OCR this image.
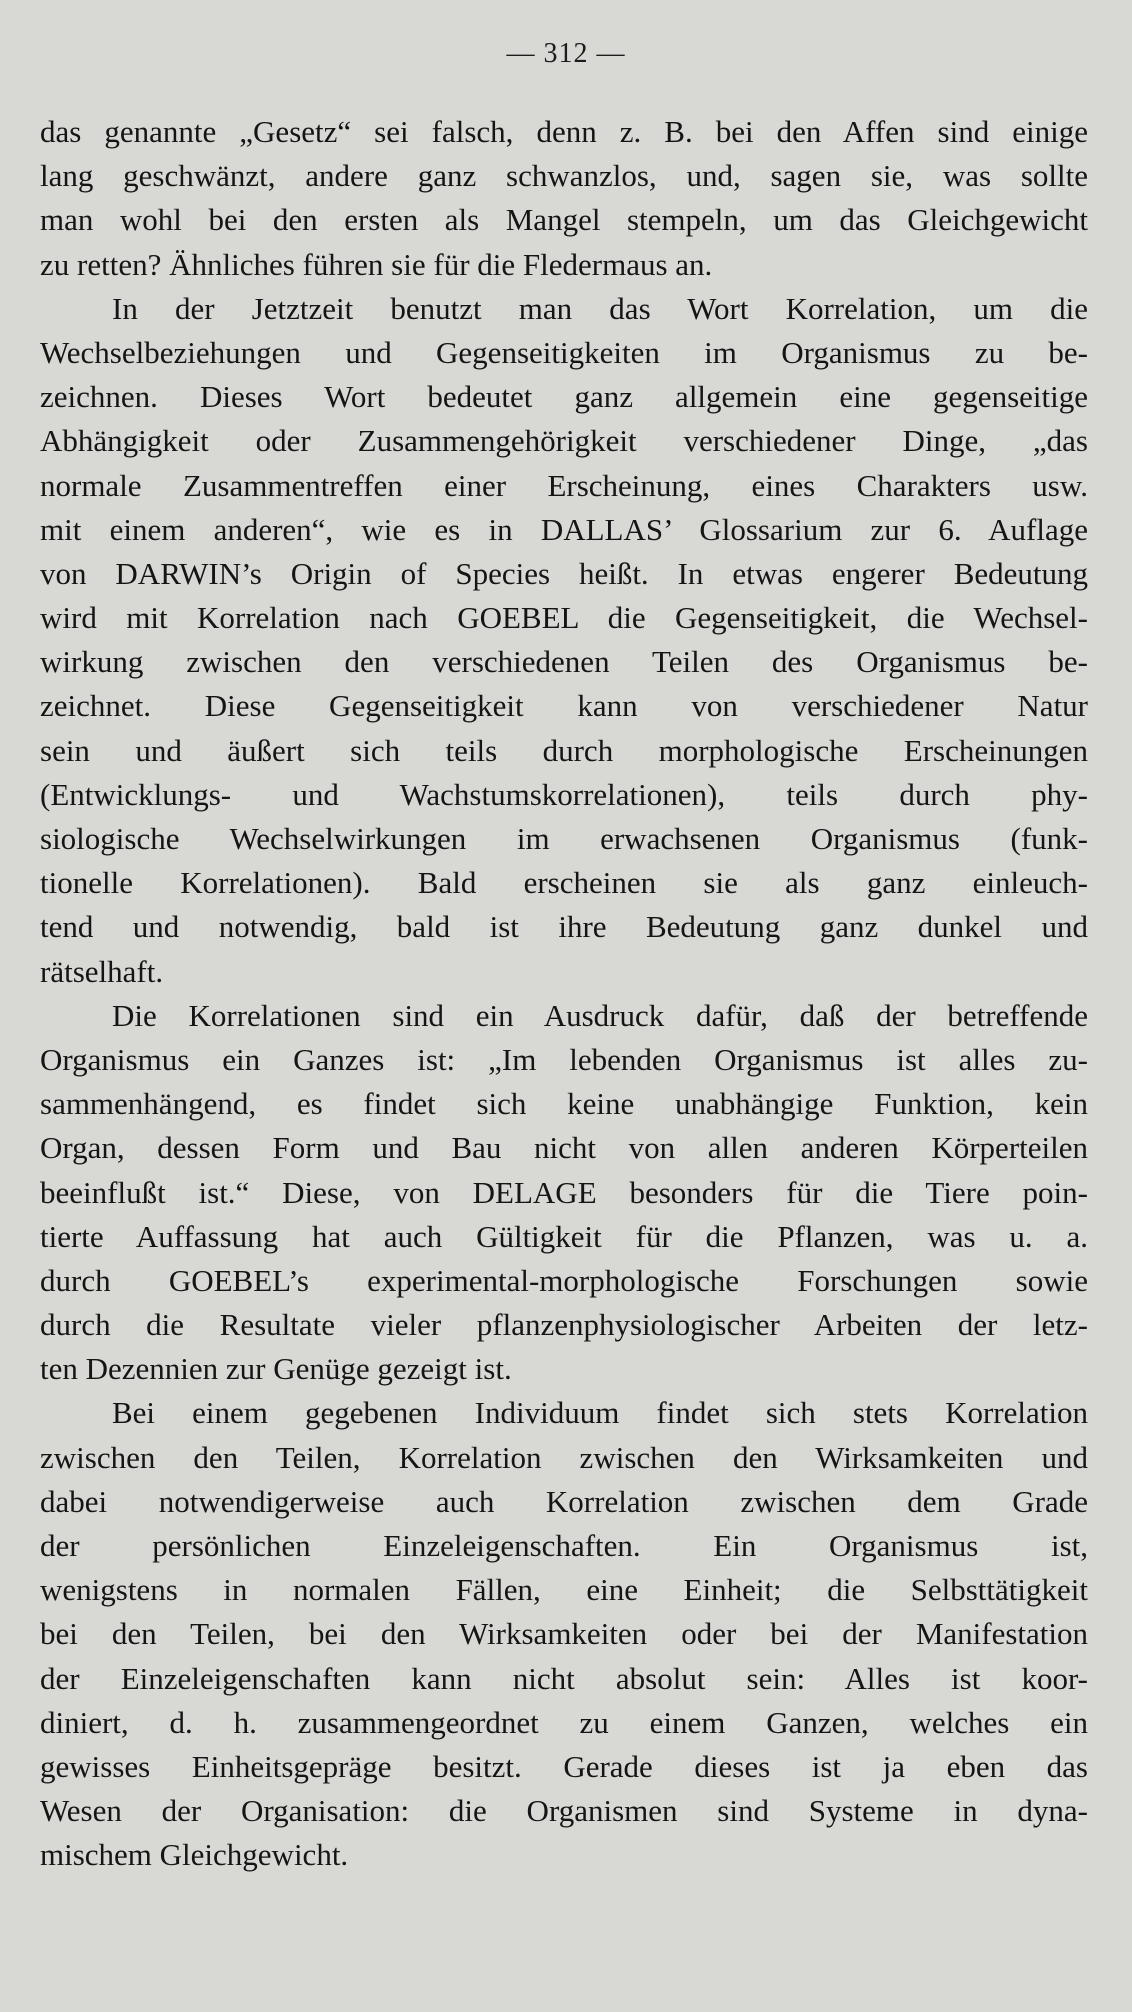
— 312 —
das genannte „Gesetz“ sei falsch, denn z. B. bei den Affen sind einige
lang geschwänzt, andere ganz schwanzlos, und, sagen sie, was sollte
man wohl bei den ersten als Mangel stempeln, um das Gleichgewicht
zu retten? Ähnliches führen sie für die Fledermaus an.
In der Jetztzeit benutzt man das Wort Korrelation, um die
Wechselbeziehungen und Gegenseitigkeiten im Organismus zu be-
zeichnen. Dieses Wort bedeutet ganz allgemein eine gegenseitige
Abhängigkeit oder Zusammengehörigkeit verschiedener Dinge, „das
normale Zusammentreffen einer Erscheinung, eines Charakters usw.
mit einem anderen“, wie es in DALLAS’ Glossarium zur 6. Auflage
von DARWIN’s Origin of Species heißt. In etwas engerer Bedeutung
wird mit Korrelation nach GOEBEL die Gegenseitigkeit, die Wechsel-
wirkung zwischen den verschiedenen Teilen des Organismus be-
zeichnet. Diese Gegenseitigkeit kann von verschiedener Natur
sein und äußert sich teils durch morphologische Erscheinungen
(Entwicklungs- und Wachstumskorrelationen), teils durch phy-
siologische Wechselwirkungen im erwachsenen Organismus (funk-
tionelle Korrelationen). Bald erscheinen sie als ganz einleuch-
tend und notwendig, bald ist ihre Bedeutung ganz dunkel und
rätselhaft.
Die Korrelationen sind ein Ausdruck dafür, daß der betreffende
Organismus ein Ganzes ist: „Im lebenden Organismus ist alles zu-
sammenhängend, es findet sich keine unabhängige Funktion, kein
Organ, dessen Form und Bau nicht von allen anderen Körperteilen
beeinflußt ist.“ Diese, von DELAGE besonders für die Tiere poin-
tierte Auffassung hat auch Gültigkeit für die Pflanzen, was u. a.
durch GOEBEL’s experimental-morphologische Forschungen sowie
durch die Resultate vieler pflanzenphysiologischer Arbeiten der letz-
ten Dezennien zur Genüge gezeigt ist.
Bei einem gegebenen Individuum findet sich stets Korrelation
zwischen den Teilen, Korrelation zwischen den Wirksamkeiten und
dabei notwendigerweise auch Korrelation zwischen dem Grade
der persönlichen Einzeleigenschaften. Ein Organismus ist,
wenigstens in normalen Fällen, eine Einheit; die Selbsttätigkeit
bei den Teilen, bei den Wirksamkeiten oder bei der Manifestation
der Einzeleigenschaften kann nicht absolut sein: Alles ist koor-
diniert, d. h. zusammengeordnet zu einem Ganzen, welches ein
gewisses Einheitsgepräge besitzt. Gerade dieses ist ja eben das
Wesen der Organisation: die Organismen sind Systeme in dyna-
mischem Gleichgewicht.
